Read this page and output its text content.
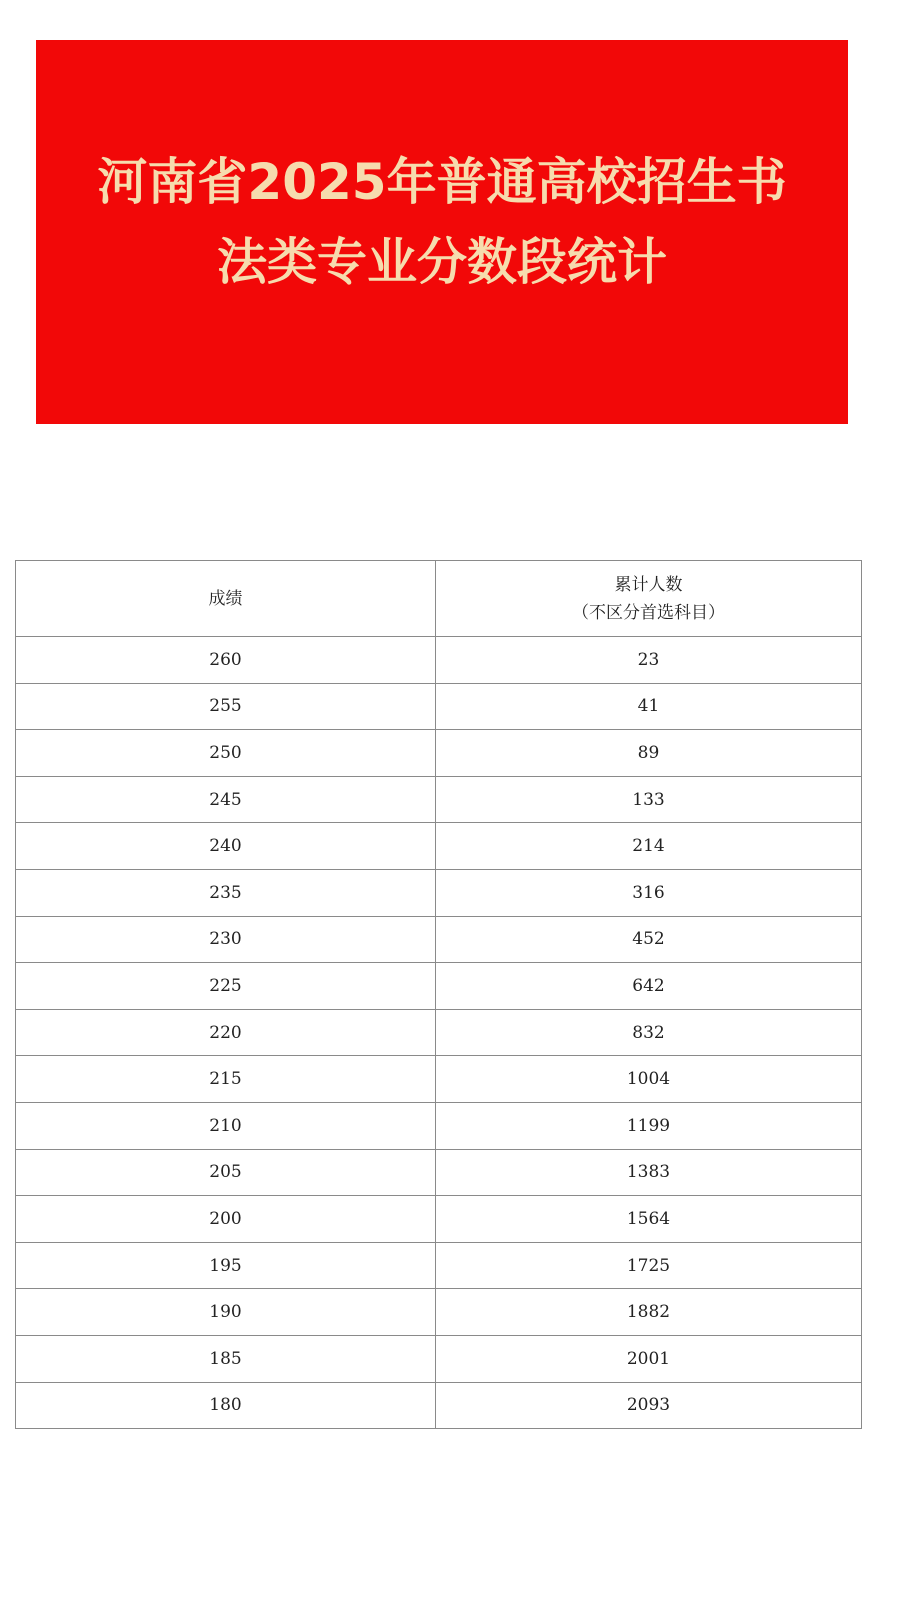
河南省2025年普通高校招生书
法类专业分数段统计
成绩	累计人数
（不区分首选科目）

260	23
255	41
250	89
245	133
240	214
235	316
230	452
225	642
220	832
215	1004
210	1199
205	1383
200	1564
195	1725
190	1882
185	2001
180	2093
